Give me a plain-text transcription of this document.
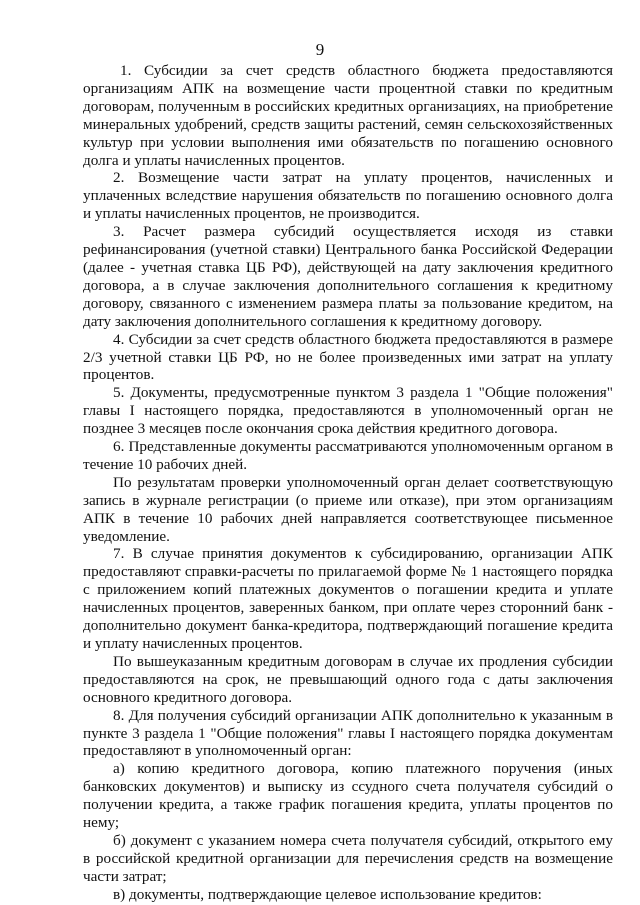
9

1. Субсидии за счет средств областного бюджета предоставляются организациям АПК на возмещение части процентной ставки по кредитным договорам, полученным в российских кредитных организациях, на приобретение минеральных удобрений, средств защиты растений, семян сельскохозяйственных культур при условии выполнения ими обязательств по погашению основного долга и уплаты начисленных процентов.

2. Возмещение части затрат на уплату процентов, начисленных и уплаченных вследствие нарушения обязательств по погашению основного долга и уплаты начисленных процентов, не производится.

3. Расчет размера субсидий осуществляется исходя из ставки рефинансирования (учетной ставки) Центрального банка Российской Федерации (далее - учетная ставка ЦБ РФ), действующей на дату заключения кредитного договора, а в случае заключения дополнительного соглашения к кредитному договору, связанного с изменением размера платы за пользование кредитом, на дату заключения дополнительного соглашения к кредитному договору.

4. Субсидии за счет средств областного бюджета предоставляются в размере 2/3 учетной ставки ЦБ РФ, но не более произведенных ими затрат на уплату процентов.

5. Документы, предусмотренные пунктом 3 раздела 1 "Общие положения" главы I настоящего порядка, предоставляются в уполномоченный орган не позднее 3 месяцев после окончания срока действия кредитного договора.

6. Представленные документы рассматриваются уполномоченным органом в течение 10 рабочих дней.

По результатам проверки уполномоченный орган делает соответствующую запись в журнале регистрации (о приеме или отказе), при этом организациям АПК в течение 10 рабочих дней направляется соответствующее письменное уведомление.

7. В случае принятия документов к субсидированию, организации АПК предоставляют справки-расчеты по прилагаемой форме № 1 настоящего порядка с приложением копий платежных документов о погашении кредита и уплате начисленных процентов, заверенных банком, при оплате через сторонний банк - дополнительно документ банка-кредитора, подтверждающий погашение кредита и уплату начисленных процентов.

По вышеуказанным кредитным договорам в случае их продления субсидии предоставляются на срок, не превышающий одного года с даты заключения основного кредитного договора.

8. Для получения субсидий организации АПК дополнительно к указанным в пункте 3 раздела 1 "Общие положения" главы I настоящего порядка документам предоставляют в уполномоченный орган:

а) копию кредитного договора, копию платежного поручения (иных банковских документов) и выписку из ссудного счета получателя субсидий о получении кредита, а также график погашения кредита, уплаты процентов по нему;

б) документ с указанием номера счета получателя субсидий, открытого ему в российской кредитной организации для перечисления средств на возмещение части затрат;

в) документы, подтверждающие целевое использование кредитов:
